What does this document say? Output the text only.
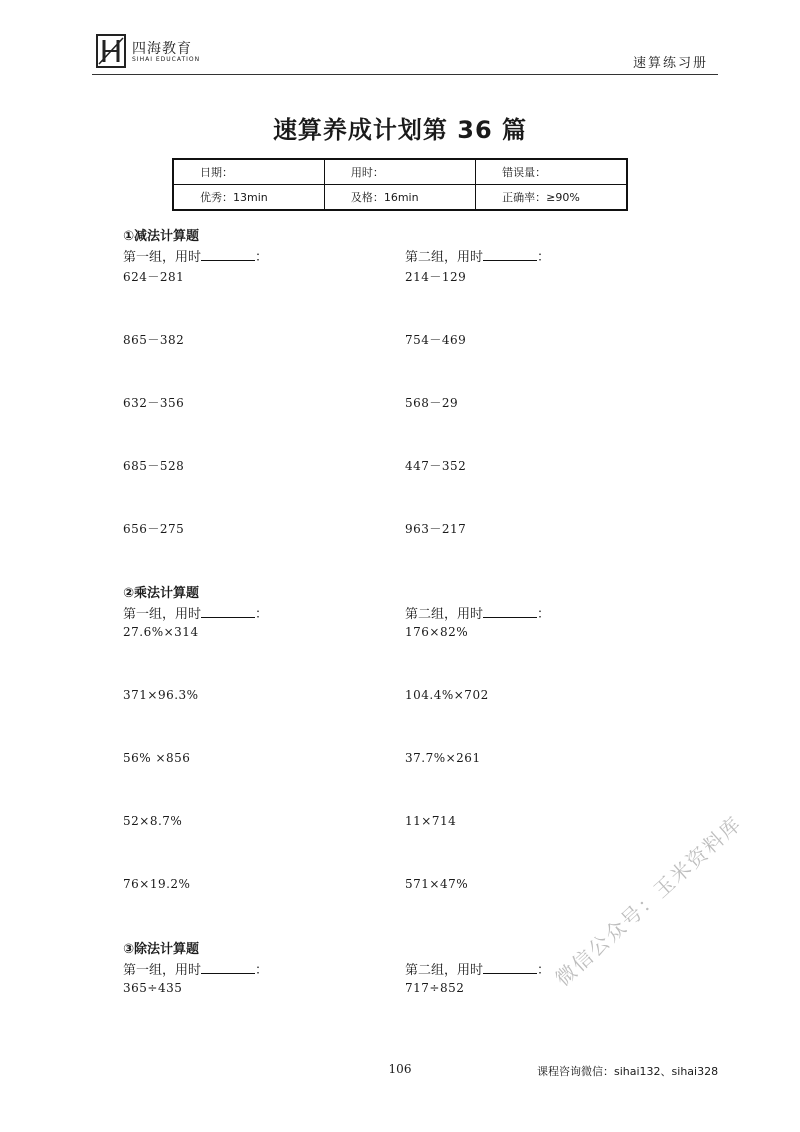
四海教育
SIHAI EDUCATION	速算练习册
速算养成计划第 36 篇
日期：	用时：	错误量：
优秀：13min	及格：16min	正确率：≥90%
①减法计算题
第一组，用时	：	第二组，用时	：
624－281
865－382
632－356
685－528
656－275
214－129
754－469
568－29
447－352
963－217
②乘法计算题
第一组，用时	：	第二组，用时	：
27.6%×314
371×96.3%
56% ×856
52×8.7%
76×19.2%
176×82%
104.4%×702
37.7%×261
11×714
571×47%
③除法计算题
第一组，用时	：	第二组，用时	：
365÷435	717÷852	微信公众号：玉米资料库
106	课程咨询微信：sihai132、sihai328
